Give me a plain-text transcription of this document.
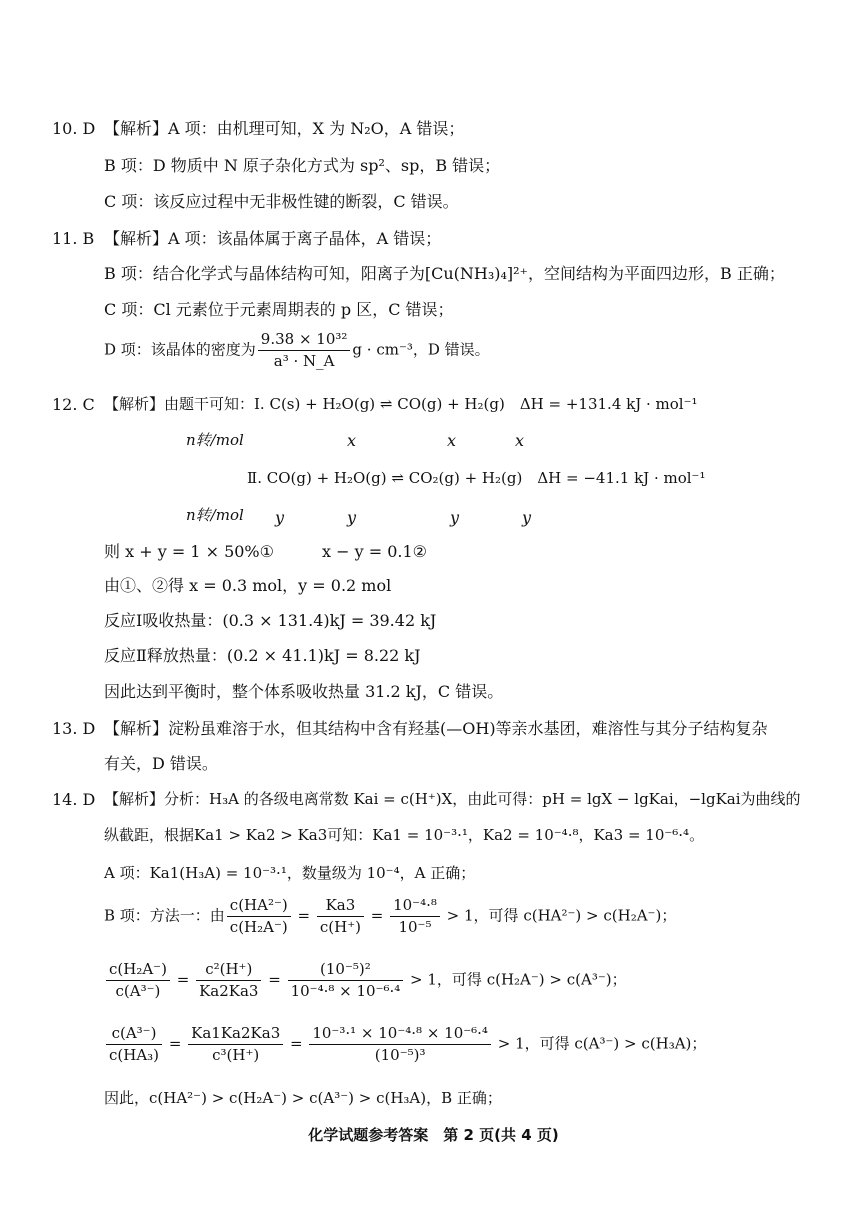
10. D 【解析】A 项：由机理可知，X 为 N₂O，A 错误；
B 项：D 物质中 N 原子杂化方式为 sp²、sp，B 错误；
C 项：该反应过程中无非极性键的断裂，C 错误。
11. B 【解析】A 项：该晶体属于离子晶体，A 错误；
B 项：结合化学式与晶体结构可知，阳离子为[Cu(NH₃)₄]²⁺，空间结构为平面四边形，B 正确；
C 项：Cl 元素位于元素周期表的 p 区，C 错误；
D 项：该晶体的密度为 $\frac{\text{9.38 × 10³²}}{\text{a³ · N\_A}}$ g · cm⁻³，D 错误。
12. C 【解析】由题干可知：Ⅰ. C(s) + H₂O(g) ⇌ CO(g) + H₂(g)　ΔH = +131.4 kJ · mol⁻¹
n转/mol	x	x	x
Ⅱ. CO(g) + H₂O(g) ⇌ CO₂(g) + H₂(g)　ΔH = −41.1 kJ · mol⁻¹
n转/mol y	y	y	y
则 x + y = 1 × 50%①　　　x − y = 0.1②
由①、②得 x = 0.3 mol，y = 0.2 mol
反应Ⅰ吸收热量：(0.3 × 131.4)kJ = 39.42 kJ
反应Ⅱ释放热量：(0.2 × 41.1)kJ = 8.22 kJ
因此达到平衡时，整个体系吸收热量 31.2 kJ，C 错误。
13. D 【解析】淀粉虽难溶于水，但其结构中含有羟基(—OH)等亲水基团，难溶性与其分子结构复杂
有关，D 错误。
14. D 【解析】分析：H₃A 的各级电离常数 Kai = c(H⁺)X，由此可得：pH = lgX − lgKai，−lgKai为曲线的
纵截距，根据Ka1 > Ka2 > Ka3可知：Ka1 = 10⁻³·¹，Ka2 = 10⁻⁴·⁸，Ka3 = 10⁻⁶·⁴。
A 项：Ka1(H₃A) = 10⁻³·¹，数量级为 10⁻⁴，A 正确；
B 项：方法一：由 $\frac{\text{c(HA²⁻)}}{\text{c(H₂A⁻)}} = \frac{Ka3}{c(H^+)} = \frac{\text{10⁻⁴·⁸}}{\text{10⁻⁵}} > 1$，可得 c(HA²⁻) > c(H₂A⁻)；
$\frac{\text{c(H₂A⁻)}}{\text{c(A³⁻)}} = \frac{\text{c²(H⁺)}}{Ka2Ka3} = \frac{\text{(10⁻⁵)²}}{\text{10⁻⁴·⁸ × 10⁻⁶·⁴}} > 1$，可得 c(H₂A⁻) > c(A³⁻)；
$\frac{\text{c(A³⁻)}}{\text{c(HA₃)}} = \frac{Ka1Ka2Ka3}{\text{c³(H⁺)}} = \frac{\text{10⁻³·¹ × 10⁻⁴·⁸ × 10⁻⁶·⁴}}{\text{(10⁻⁵)³}} > 1$，可得 c(A³⁻) > c(H₃A)；
因此，c(HA²⁻) > c(H₂A⁻) > c(A³⁻) > c(H₃A)，B 正确；
化学试题参考答案　第 2 页(共 4 页)
